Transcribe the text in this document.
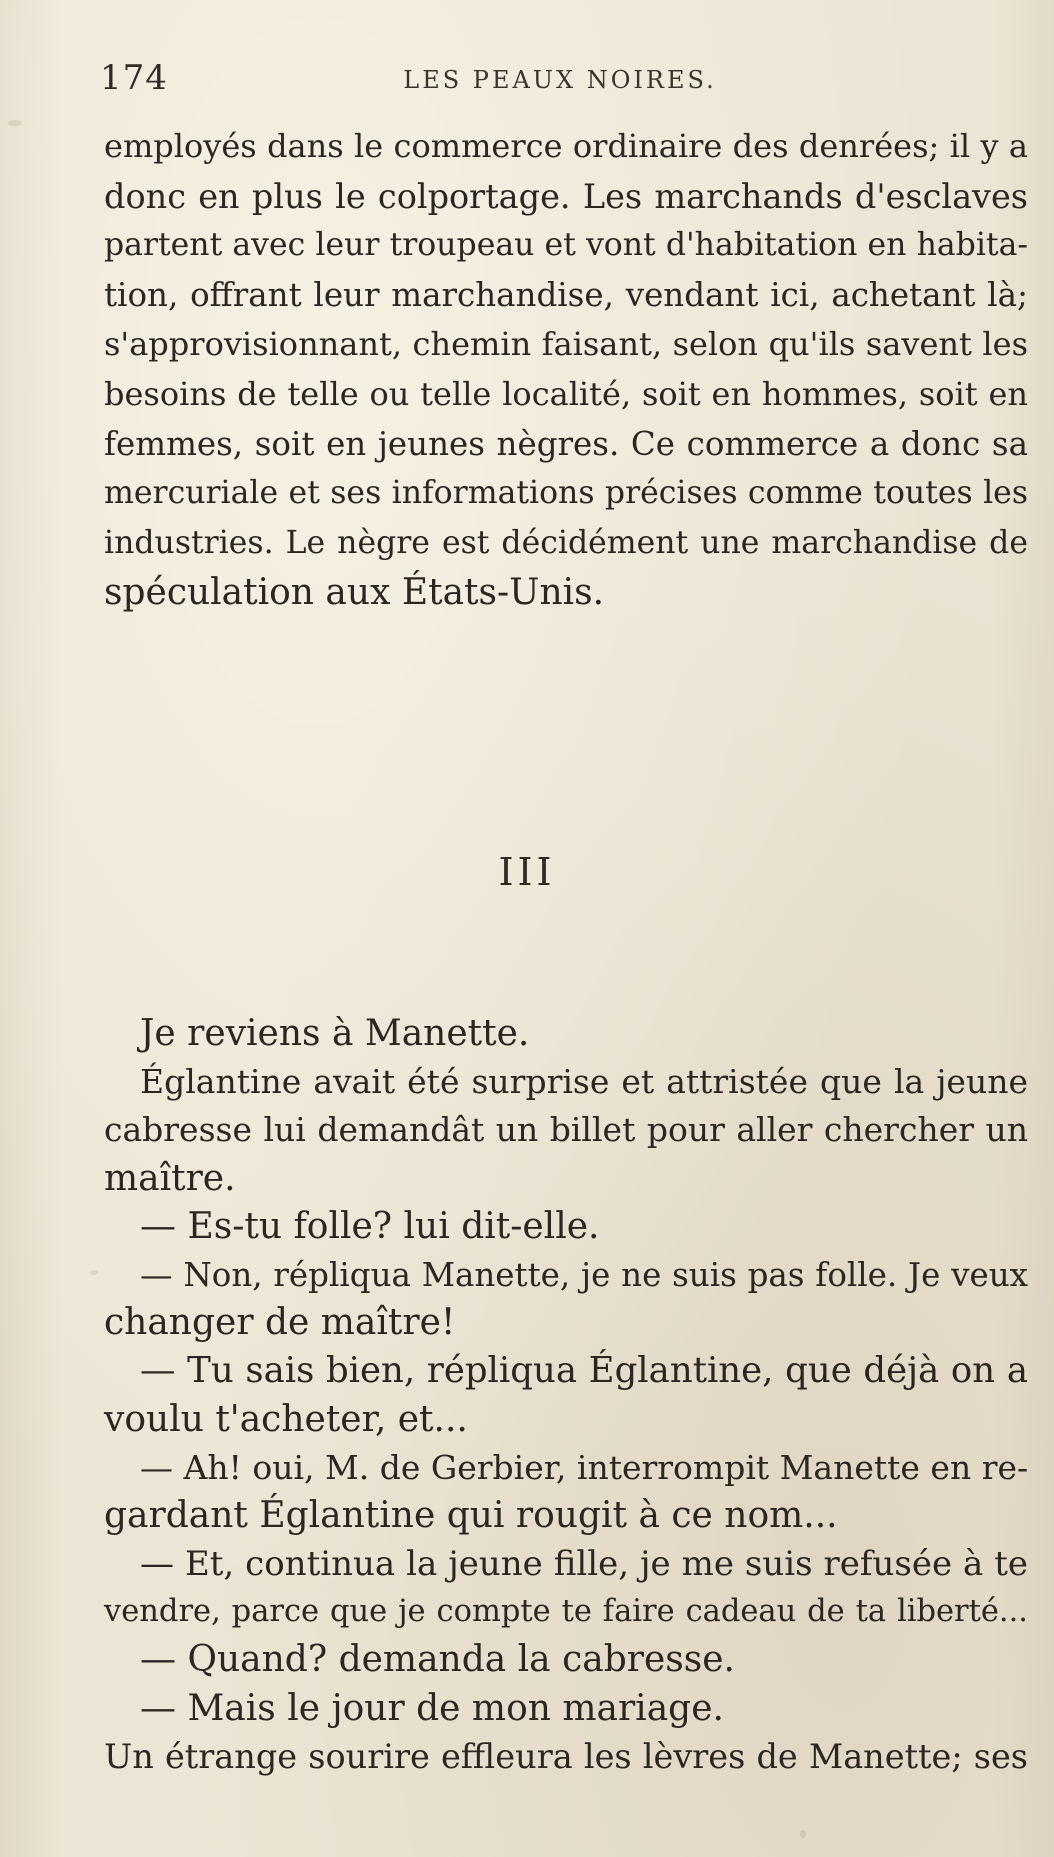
174	LES PEAUX NOIRES.
employés dans le commerce ordinaire des denrées; il y a
donc en plus le colportage. Les marchands d'esclaves
partent avec leur troupeau et vont d'habitation en habita-
tion, offrant leur marchandise, vendant ici, achetant là;
s'approvisionnant, chemin faisant, selon qu'ils savent les
besoins de telle ou telle localité, soit en hommes, soit en
femmes, soit en jeunes nègres. Ce commerce a donc sa
mercuriale et ses informations précises comme toutes les
industries. Le nègre est décidément une marchandise de
spéculation aux États-Unis.
III
Je reviens à Manette.
Églantine avait été surprise et attristée que la jeune
cabresse lui demandât un billet pour aller chercher un
maître.
— Es-tu folle? lui dit-elle.
— Non, répliqua Manette, je ne suis pas folle. Je veux
changer de maître!
— Tu sais bien, répliqua Églantine, que déjà on a
voulu t'acheter, et...
— Ah! oui, M. de Gerbier, interrompit Manette en re-
gardant Églantine qui rougit à ce nom...
— Et, continua la jeune fille, je me suis refusée à te
vendre, parce que je compte te faire cadeau de ta liberté...
— Quand? demanda la cabresse.
— Mais le jour de mon mariage.
Un étrange sourire effleura les lèvres de Manette; ses
